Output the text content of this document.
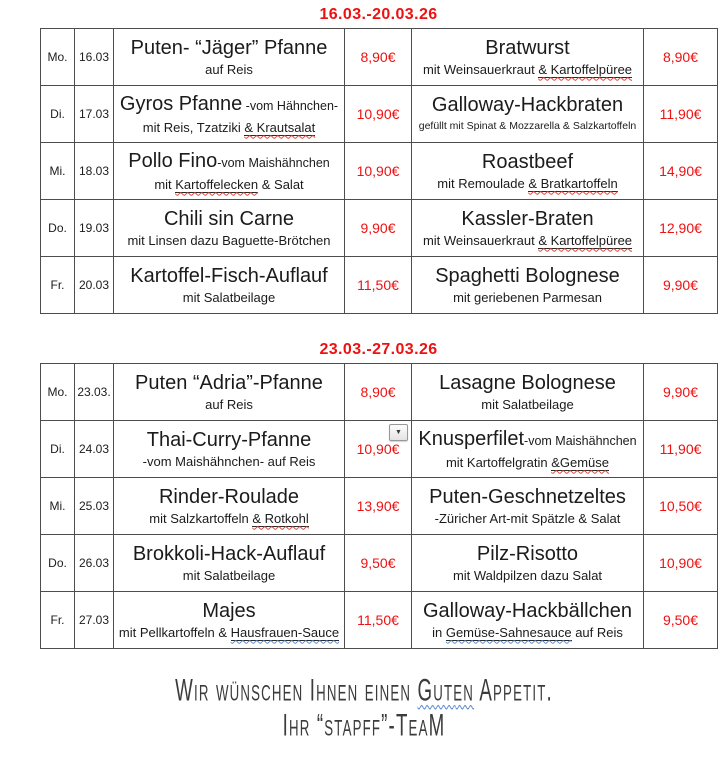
16.03.-20.03.26
Mo.	16.03	Puten- “Jäger” Pfanne
auf Reis
	8,90€	Bratwurst
mit Weinsauerkraut & Kartoffelpüree
	8,90€
Di.	17.03	Gyros Pfanne -vom Hähnchen-
mit Reis, Tzatziki & Krautsalat
	10,90€	Galloway-Hackbraten
gefüllt mit Spinat & Mozzarella & Salzkartoffeln
	11,90€
Mi.	18.03	Pollo Fino-vom Maishähnchen
mit Kartoffelecken & Salat
	10,90€	Roastbeef
mit Remoulade & Bratkartoffeln
	14,90€
Do.	19.03	Chili sin Carne
mit Linsen dazu Baguette-Brötchen
	9,90€	Kassler-Braten
mit Weinsauerkraut & Kartoffelpüree
	12,90€
Fr.	20.03	Kartoffel-Fisch-Auflauf
mit Salatbeilage
	11,50€	Spaghetti Bolognese
mit geriebenen Parmesan
	9,90€
23.03.-27.03.26
Mo.	23.03.	Puten “Adria”-Pfanne
auf Reis
	8,90€	Lasagne Bolognese
mit Salatbeilage
	9,90€
Di.	24.03	Thai-Curry-Pfanne
-vom Maishähnchen- auf Reis
	10,90€
▼	Knusperfilet-vom Maishähnchen
mit Kartoffelgratin &Gemüse
	11,90€
Mi.	25.03	Rinder-Roulade
mit Salzkartoffeln & Rotkohl
	13,90€	Puten-Geschnetzeltes
-Züricher Art-mit Spätzle & Salat
	10,50€
Do.	26.03	Brokkoli-Hack-Auflauf
mit Salatbeilage
	9,50€	Pilz-Risotto
mit Waldpilzen dazu Salat
	10,90€
Fr.	27.03	Majes
mit Pellkartoffeln & Hausfrauen-Sauce
	11,50€	Galloway-Hackbällchen
in Gemüse-Sahnesauce auf Reis
	9,50€
Wir wünschen Ihnen einen Guten Appetit.
Ihr “stapff”-TeaM
